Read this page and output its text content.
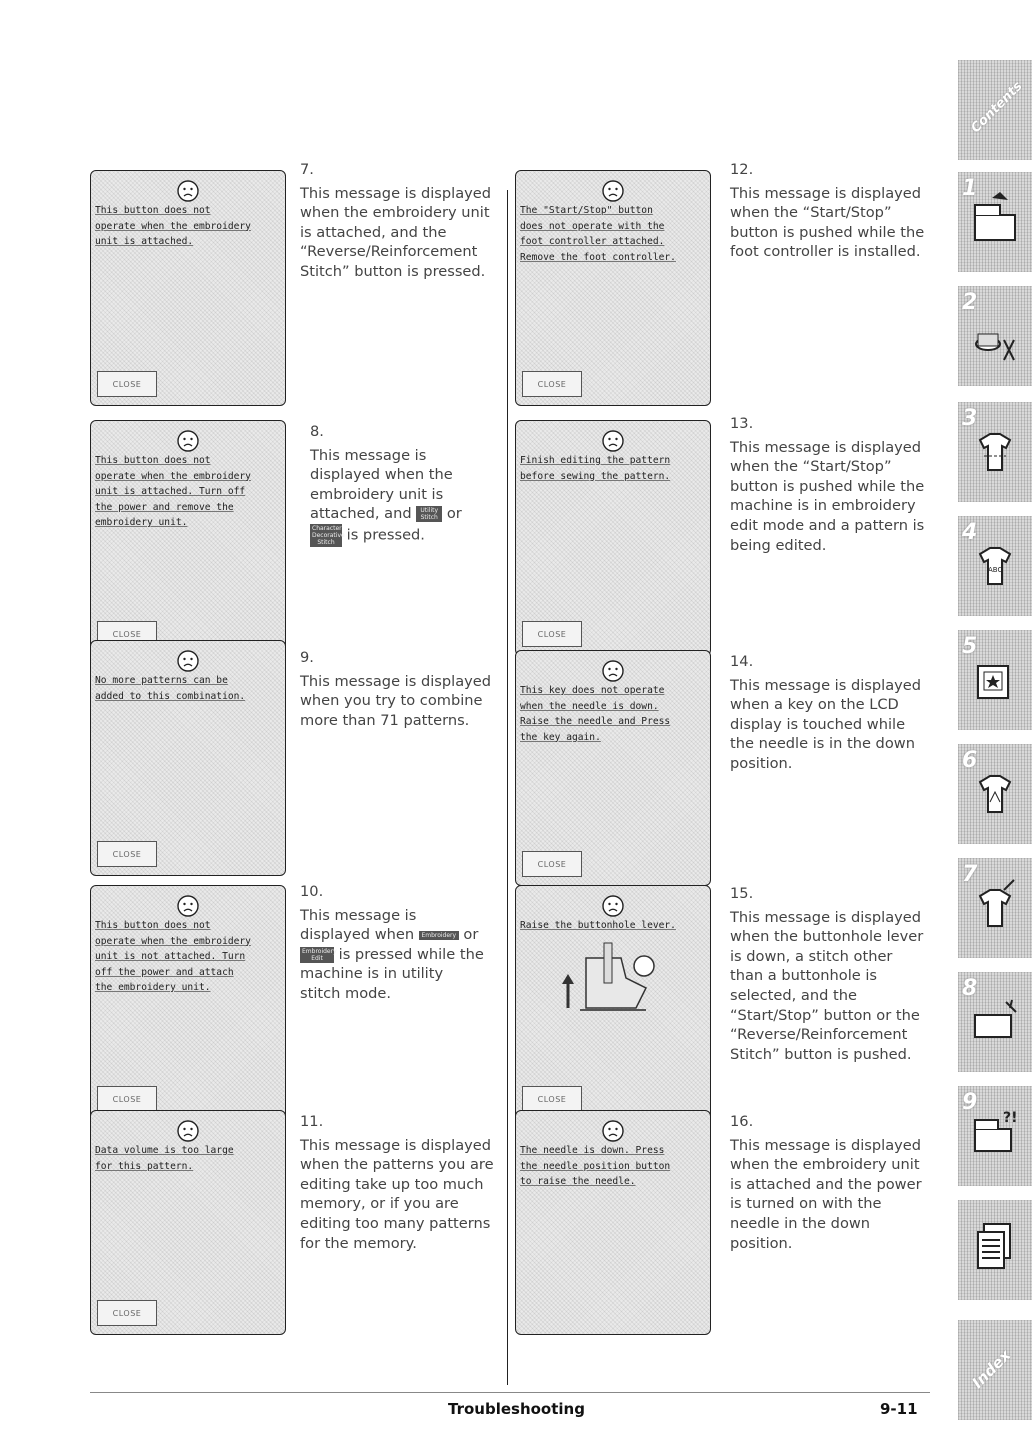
This button does not
operate when the embroidery
unit is attached.
CLOSE
This button does not
operate when the embroidery
unit is attached. Turn off
the power and remove the
embroidery unit.
CLOSE
No more patterns can be
added to this combination.
CLOSE
This button does not
operate when the embroidery
unit is not attached. Turn
off the power and attach
the embroidery unit.
CLOSE
Data volume is too large
for this pattern.
CLOSE
The "Start/Stop" button
does not operate with the
foot controller attached.
Remove the foot controller.
CLOSE
Finish editing the pattern
before sewing the pattern.
CLOSE
This key does not operate
when the needle is down.
Raise the needle and Press
the key again.
CLOSE
Raise the buttonhole lever.
CLOSE
The needle is down. Press
the needle position button
to raise the needle.
7.
This message is displayed when the embroidery unit is attached, and the “Reverse/Reinforcement Stitch” button is pressed.
8.
This message is displayed when the embroidery unit is attached, and Utility Stitch or
Character Decorative Stitch is pressed.
9.
This message is displayed when you try to combine more than 71 patterns.
10.
This message is displayed when Embroidery or
Embroidery Edit is pressed while the machine is in utility stitch mode.
11.
This message is displayed when the patterns you are editing take up too much memory, or if you are editing too many patterns for the memory.
12.
This message is displayed when the “Start/Stop” button is pushed while the foot controller is installed.
13.
This message is displayed when the “Start/Stop” button is pushed while the machine is in embroidery edit mode and a pattern is being edited.
14.
This message is displayed when a key on the LCD display is touched while the needle is in the down position.
15.
This message is displayed when the buttonhole lever is down, a stitch other than a buttonhole is selected, and the “Start/Stop” button or the “Reverse/Reinforcement Stitch” button is pushed.
16.
This message is displayed when the embroidery unit is attached and the power is turned on with the needle in the down position.
Contents
1
2
3
4
ABC
5
6
7
8
9
?!
Index
Troubleshooting	9-11
